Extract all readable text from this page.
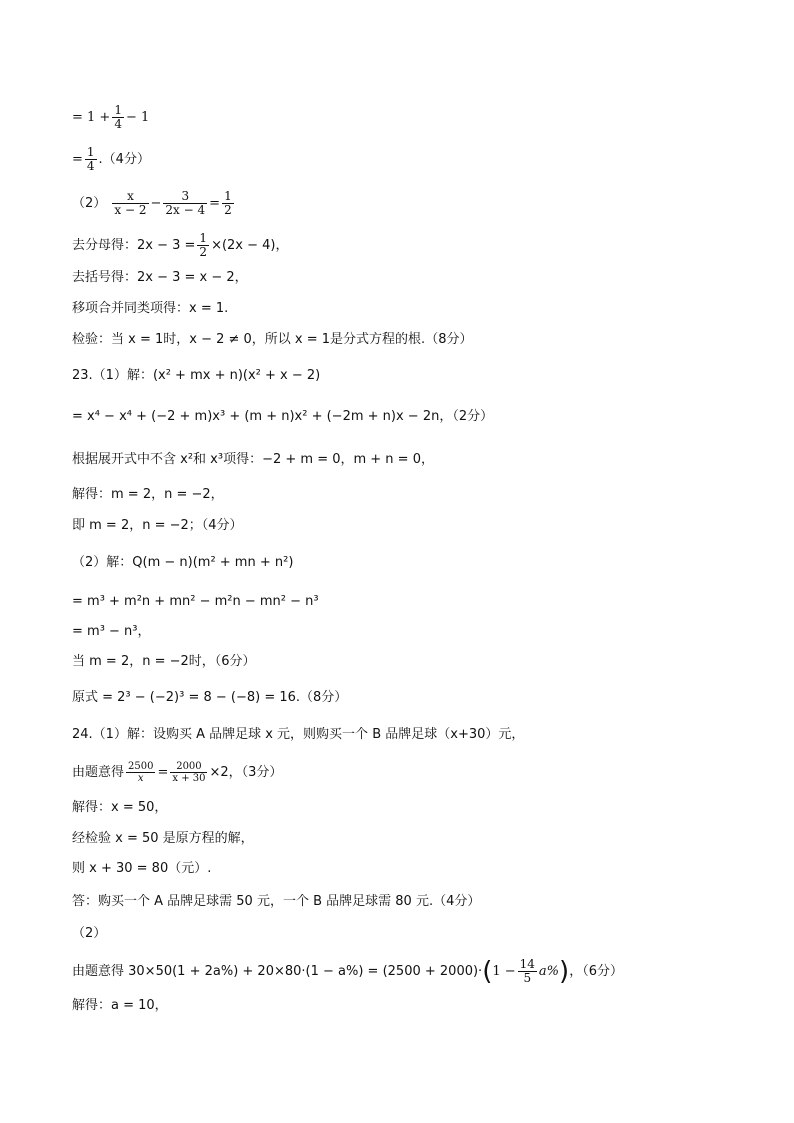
= $1 + \frac{1}{4} - 1$
= $\frac{1}{4} .(4$分）
$(2) \frac{x}{x - 2} - \frac{3}{2x - 4} = \frac{1}{2}$
去分母得：$2x - 3 = \frac{1}{2} \times(2x - 4)$，
去括号得：2x − 3 = x − 2，
移项合并同类项得：x = 1.
检验：当 x = 1时，x − 2 ≠ 0，所以 x = 1是分式方程的根.（8分）
23.（1）解：(x² + mx + n)(x² + x − 2)
= x⁴ − x⁴ + (−2 + m)x³ + (m + n)x² + (−2m + n)x − 2n，（2分）
根据展开式中不含 x²和 x³项得：−2 + m = 0，m + n = 0，
解得：m = 2，n = −2，
即 m = 2，n = −2；（4分）
（2）解：Q(m − n)(m² + mn + n²)
= m³ + m²n + mn² − m²n − mn² − n³
= m³ − n³，
当 m = 2，n = −2时，（6分）
原式 = 2³ − (−2)³ = 8 − (−8) = 16.（8分）
24.（1）解：设购买 A 品牌足球 x 元，则购买一个 B 品牌足球（x+30）元，
由题意得 $\frac{2500}{x} = \frac{2000}{x + 30} \times 2$，（3分）
解得：x = 50，
经检验 x = 50 是原方程的解，
则 x + 30 = 80（元）.
答：购买一个 A 品牌足球需 50 元，一个 B 品牌足球需 80 元.（4分）
（2）
由题意得 $30\times 50(1 + 2a\%) + 20\times 80\cdot(1 - a\%) = (2500 + 2000)\cdot(1 - \frac{14}{5} a\%)$，（6分）
解得：a = 10，
